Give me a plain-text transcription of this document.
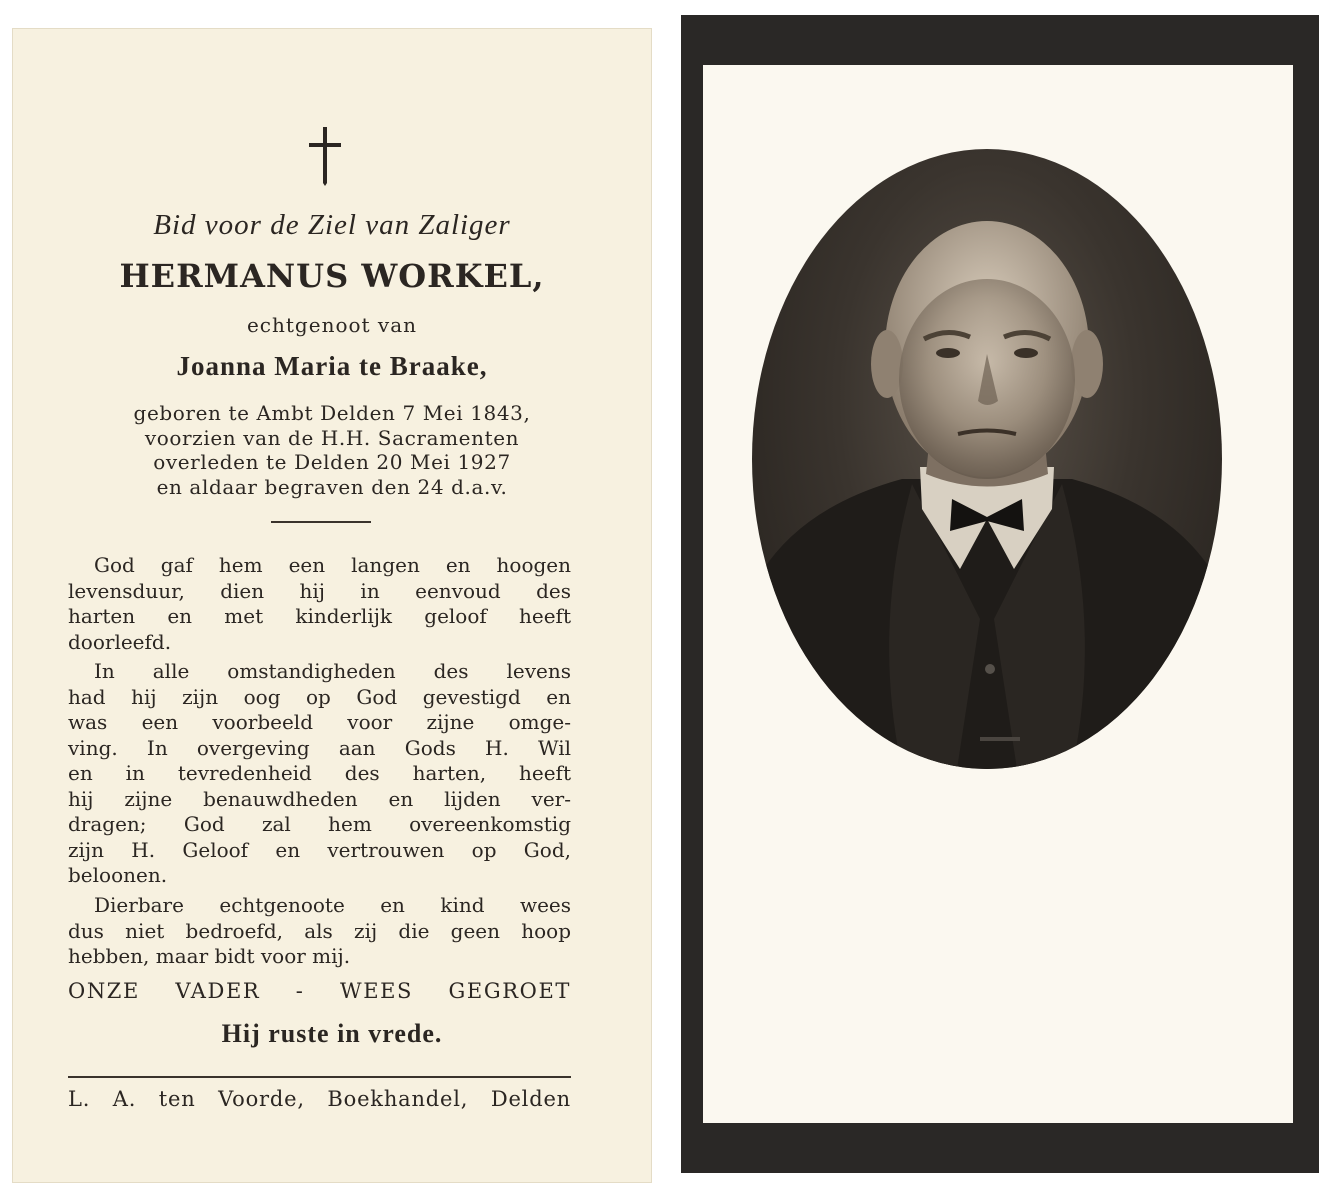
Bid voor de Ziel van Zaliger
HERMANUS WORKEL,
echtgenoot van
Joanna Maria te Braake,
geboren te Ambt Delden 7 Mei 1843,
voorzien van de H.H. Sacramenten
overleden te Delden 20 Mei 1927
en aldaar begraven den 24 d.a.v.
God gaf hem een langen en hoogen
levensduur, dien hij in eenvoud des
harten en met kinderlijk geloof heeft
doorleefd.
In alle omstandigheden des levens
had hij zijn oog op God gevestigd en
was een voorbeeld voor zijne omge-
ving. In overgeving aan Gods H. Wil
en in tevredenheid des harten, heeft
hij zijne benauwdheden en lijden ver-
dragen; God zal hem overeenkomstig
zijn H. Geloof en vertrouwen op God,
beloonen.
Dierbare echtgenoote en kind wees
dus niet bedroefd, als zij die geen hoop
hebben, maar bidt voor mij.
ONZE VADER - WEES GEGROET
Hij ruste in vrede.
L. A. ten Voorde, Boekhandel, Delden
